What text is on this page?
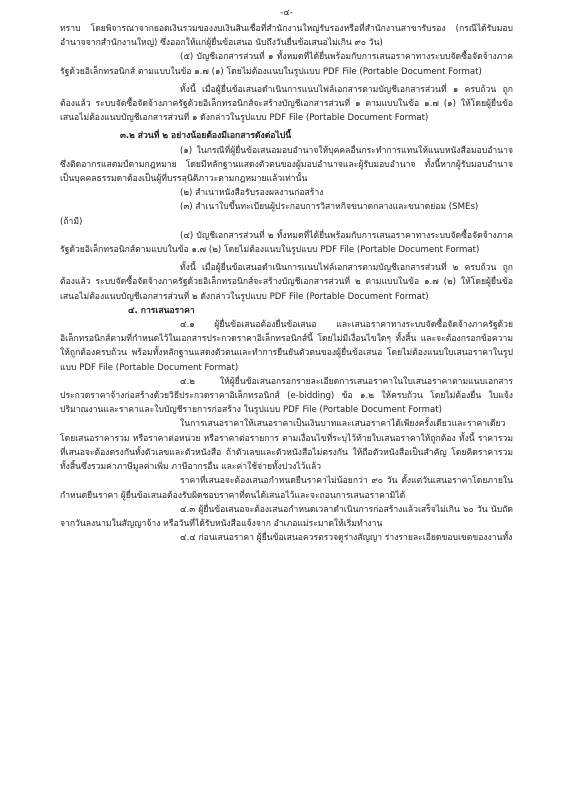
-๔-

ทราบ โดยพิจารณาจากยอดเงินรวมของงบเงินสินเชื่อที่สำนักงานใหญ่รับรองหรือที่สำนักงานสาขารับรอง (กรณีได้รับมอบอำนาจจากสำนักงานใหญ่) ซึ่งออกให้แก่ผู้ยื่นข้อเสนอ นับถึงวันยื่นข้อเสนอไม่เกิน ๙๐ วัน)

(๕) บัญชีเอกสารส่วนที่ ๑ ทั้งหมดที่ได้ยื่นพร้อมกับการเสนอราคาทางระบบจัดซื้อจัดจ้างภาครัฐด้วยอิเล็กทรอนิกส์ ตามแบบในข้อ ๑.๗ (๑) โดยไม่ต้องแนบในรูปแบบ PDF File (Portable Document Format)

ทั้งนี้ เมื่อผู้ยื่นข้อเสนอดำเนินการแนบไฟล์เอกสารตามบัญชีเอกสารส่วนที่ ๑ ครบถ้วน ถูกต้องแล้ว ระบบจัดซื้อจัดจ้างภาครัฐด้วยอิเล็กทรอนิกส์จะสร้างบัญชีเอกสารส่วนที่ ๑ ตามแบบในข้อ ๑.๗ (๑) ให้โดยผู้ยื่นข้อเสนอไม่ต้องแนบบัญชีเอกสารส่วนที่ ๑ ดังกล่าวในรูปแบบ PDF File (Portable Document Format)

๓.๒ ส่วนที่ ๒ อย่างน้อยต้องมีเอกสารดังต่อไปนี้

(๑) ในกรณีที่ผู้ยื่นข้อเสนอมอบอำนาจให้บุคคลอื่นกระทำการแทนให้แนบหนังสือมอบอำนาจซึ่งติดอากรแสตมป์ตามกฎหมาย โดยมีหลักฐานแสดงตัวตนของผู้มอบอำนาจและผู้รับมอบอำนาจ ทั้งนี้หากผู้รับมอบอำนาจเป็นบุคคลธรรมดาต้องเป็นผู้ที่บรรลุนิติภาวะตามกฎหมายแล้วเท่านั้น

(๒) สำเนาหนังสือรับรองผลงานก่อสร้าง

(๓) สำเนาใบขึ้นทะเบียนผู้ประกอบการวิสาหกิจขนาดกลางและขนาดย่อม (SMEs)

(ถ้ามี)

(๔) บัญชีเอกสารส่วนที่ ๒ ทั้งหมดที่ได้ยื่นพร้อมกับการเสนอราคาทางระบบจัดซื้อจัดจ้างภาครัฐด้วยอิเล็กทรอนิกส์ตามแบบในข้อ ๑.๗ (๒) โดยไม่ต้องแนบในรูปแบบ PDF File (Portable Document Format)

ทั้งนี้ เมื่อผู้ยื่นข้อเสนอดำเนินการแนบไฟล์เอกสารตามบัญชีเอกสารส่วนที่ ๒ ครบถ้วน ถูกต้องแล้ว ระบบจัดซื้อจัดจ้างภาครัฐด้วยอิเล็กทรอนิกส์จะสร้างบัญชีเอกสารส่วนที่ ๒ ตามแบบในข้อ ๑.๗ (๒) ให้โดยผู้ยื่นข้อเสนอไม่ต้องแนบบัญชีเอกสารส่วนที่ ๒ ดังกล่าวในรูปแบบ PDF File (Portable Document Format)

๔. การเสนอราคา

๔.๑ ผู้ยื่นข้อเสนอต้องยื่นข้อเสนอ และเสนอราคาทางระบบจัดซื้อจัดจ้างภาครัฐด้วยอิเล็กทรอนิกส์ตามที่กำหนดไว้ในเอกสารประกวดราคาอิเล็กทรอนิกส์นี้ โดยไม่มีเงื่อนไขใดๆ ทั้งสิ้น และจะต้องกรอกข้อความให้ถูกต้องครบถ้วน พร้อมทั้งหลักฐานแสดงตัวตนและทำการยืนยันตัวตนของผู้ยื่นข้อเสนอ โดยไม่ต้องแนบใบเสนอราคาในรูปแบบ PDF File (Portable Document Format)

๔.๒ ให้ผู้ยื่นข้อเสนอกรอกรายละเอียดการเสนอราคาในใบเสนอราคาตามแนบเอกสารประกวดราคาจ้างก่อสร้างด้วยวิธีประกวดราคาอิเล็กทรอนิกส์ (e-bidding) ข้อ ๑.๒ ให้ครบถ้วน โดยไม่ต้องยื่น ใบแจ้งปริมาณงานและราคาและใบบัญชีรายการก่อสร้าง ในรูปแบบ PDF File (Portable Document Format)

ในการเสนอราคาให้เสนอราคาเป็นเงินบาทและเสนอราคาได้เพียงครั้งเดียวและราคาเดียว โดยเสนอราคารวม หรือราคาต่อหน่วย หรือราคาต่อรายการ ตามเงื่อนไขที่ระบุไว้ท้ายใบเสนอราคาให้ถูกต้อง ทั้งนี้ ราคารวมที่เสนอจะต้องตรงกันทั้งตัวเลขและตัวหนังสือ ถ้าตัวเลขและตัวหนังสือไม่ตรงกัน ให้ถือตัวหนังสือเป็นสำคัญ โดยคิดราคารวมทั้งสิ้นซึ่งรวมค่าภาษีมูลค่าเพิ่ม ภาษีอากรอื่น และค่าใช้จ่ายทั้งปวงไว้แล้ว

ราคาที่เสนอจะต้องเสนอกำหนดยืนราคาไม่น้อยกว่า ๙๐ วัน ตั้งแต่วันเสนอราคาโดยภายในกำหนดยืนราคา ผู้ยื่นข้อเสนอต้องรับผิดชอบราคาที่ตนได้เสนอไว้และจะถอนการเสนอราคามิได้

๔.๓ ผู้ยื่นข้อเสนอจะต้องเสนอกำหนดเวลาดำเนินการก่อสร้างแล้วเสร็จไม่เกิน ๖๐ วัน นับถัดจากวันลงนามในสัญญาจ้าง หรือวันที่ได้รับหนังสือแจ้งจาก อำเภอแม่ระมาดให้เริ่มทำงาน

๔.๔ ก่อนเสนอราคา ผู้ยื่นข้อเสนอควรตรวจดูร่างสัญญา ร่างรายละเอียดขอบเขตของงานทั้ง
